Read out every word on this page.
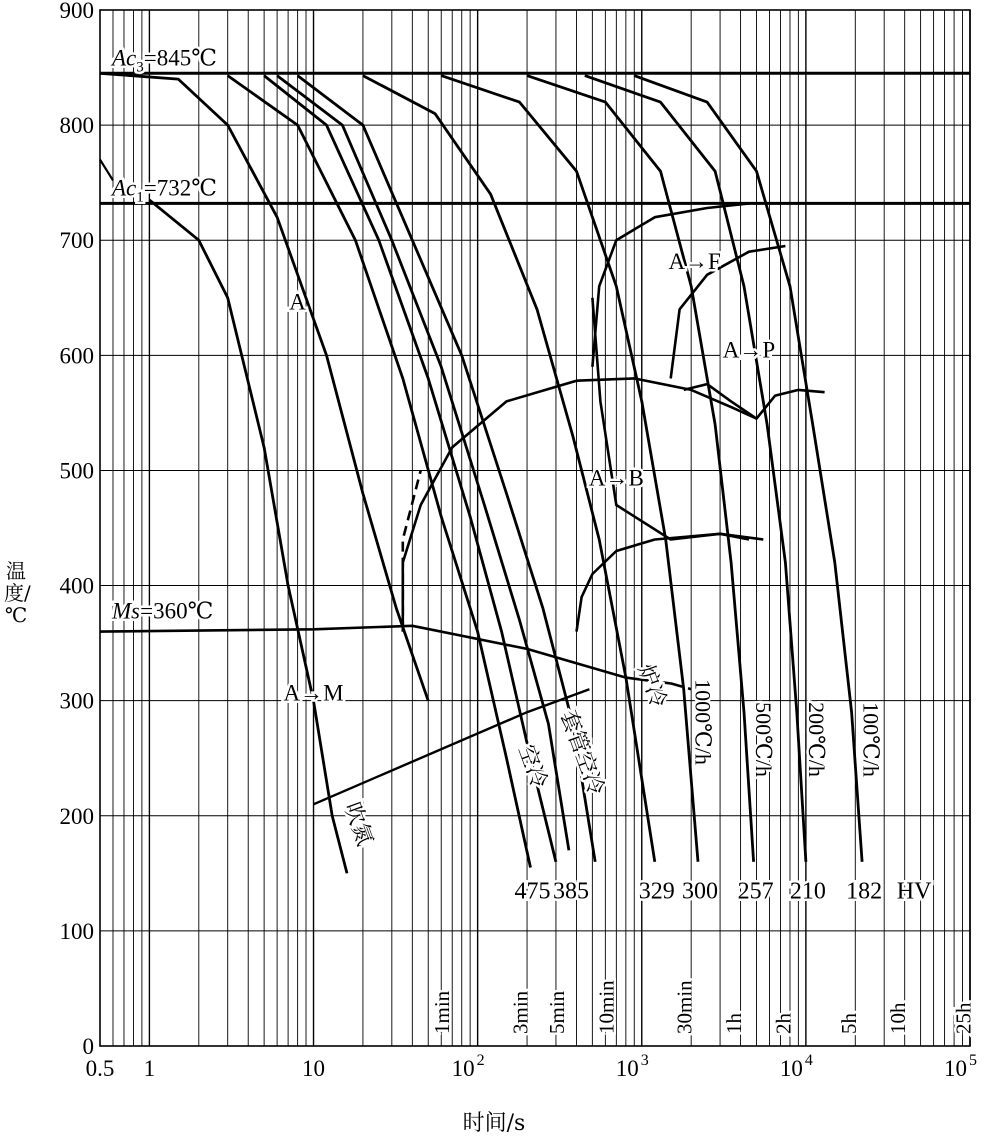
0
100
200
300
400
500
600
700
800
900
0.5 1	10	10 2	10 3	10 4	10 5
1min	3min 5min 10min	30min 1h 2h 5h 10h 25h
$Ac_3=845℃$
$Ac_1=732℃$
Ms=360℃
吹氮
475
空冷
385
套管空冷
329
炉冷
300
1000℃/h
257
500℃/h
210
200℃/h
182
100℃/h
HV
A
A→F
A→P
A→B
A→M
温度/℃
时间/s
